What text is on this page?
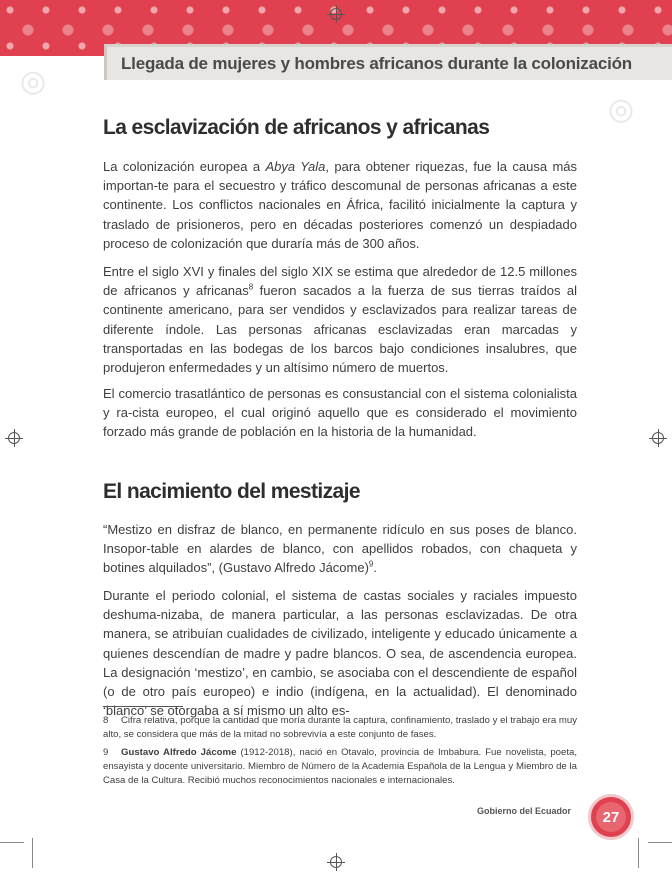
Llegada de mujeres y hombres africanos durante la colonización
◎
◎
La esclavización de africanos y africanas

La colonización europea a Abya Yala, para obtener riquezas, fue la causa más importan-te para el secuestro y tráfico descomunal de personas africanas a este continente. Los conflictos nacionales en África, facilitó inicialmente la captura y traslado de prisioneros, pero en décadas posteriores comenzó un despiadado proceso de colonización que duraría más de 300 años.

Entre el siglo XVI y finales del siglo XIX se estima que alrededor de 12.5 millones de africanos y africanas$^8$ fueron sacados a la fuerza de sus tierras traídos al continente americano, para ser vendidos y esclavizados para realizar tareas de diferente índole. Las personas africanas esclavizadas eran marcadas y transportadas en las bodegas de los barcos bajo condiciones insalubres, que produjeron enfermedades y un altísimo número de muertos.

El comercio trasatlántico de personas es consustancial con el sistema colonialista y ra-cista europeo, el cual originó aquello que es considerado el movimiento forzado más grande de población en la historia de la humanidad.

El nacimiento del mestizaje

“Mestizo en disfraz de blanco, en permanente ridículo en sus poses de blanco. Insopor-table en alardes de blanco, con apellidos robados, con chaqueta y botines alquilados”, (Gustavo Alfredo Jácome)$^9$.

Durante el periodo colonial, el sistema de castas sociales y raciales impuesto deshuma-nizaba, de manera particular, a las personas esclavizadas. De otra manera, se atribuían cualidades de civilizado, inteligente y educado únicamente a quienes descendían de madre y padre blancos. O sea, de ascendencia europea. La designación ‘mestizo’, en cambio, se asociaba con el descendiente de español (o de otro país europeo) e indio (indígena, en la actualidad). El denominado ‘blanco’ se otorgaba a sí mismo un alto es-

8 Cifra relativa, porque la cantidad que moría durante la captura, confinamiento, traslado y el trabajo era muy alto, se considera que más de la mitad no sobrevivía a este conjunto de fases.

9 Gustavo Alfredo Jácome (1912-2018), nació en Otavalo, provincia de Imbabura. Fue novelista, poeta, ensayista y docente universitario. Miembro de Número de la Academia Española de la Lengua y Miembro de la Casa de la Cultura. Recibió muchos reconocimientos nacionales e internacionales.

Gobierno del Ecuador 27
